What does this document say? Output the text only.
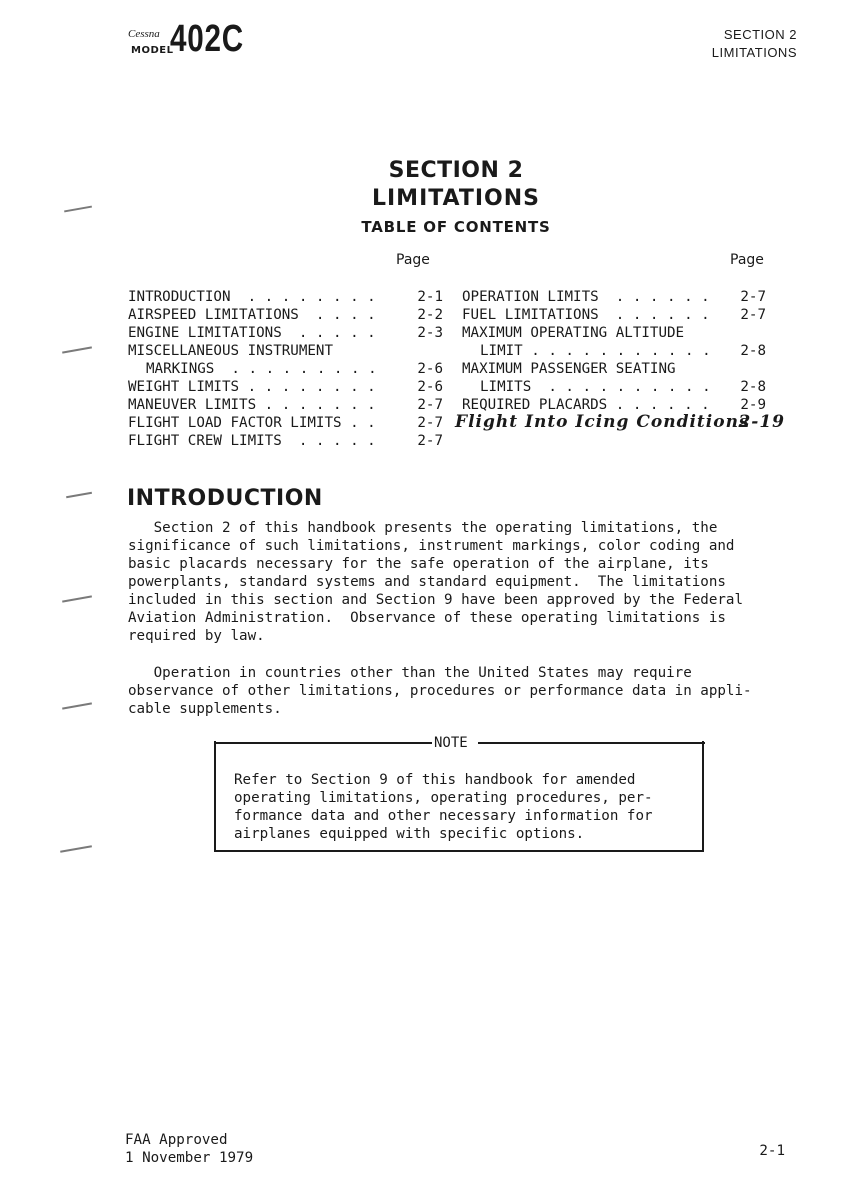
Cessna
MODEL
402C	SECTION 2
LIMITATIONS
SECTION 2
LIMITATIONS
TABLE OF CONTENTS
Page	Page
INTRODUCTION  . . . . . . . .	2-1
AIRSPEED LIMITATIONS  . . . .	2-2
ENGINE LIMITATIONS  . . . . .	2-3
MISCELLANEOUS INSTRUMENT
MARKINGS  . . . . . . . . .	2-6
WEIGHT LIMITS . . . . . . . .	2-6
MANEUVER LIMITS . . . . . . .	2-7
FLIGHT LOAD FACTOR LIMITS . .	2-7
FLIGHT CREW LIMITS  . . . . .	2-7
OPERATION LIMITS  . . . . . . 2-7
FUEL LIMITATIONS  . . . . . . 2-7
MAXIMUM OPERATING ALTITUDE
LIMIT . . . . . . . . . . . 2-8
MAXIMUM PASSENGER SEATING
LIMITS  . . . . . . . . . . 2-8
REQUIRED PLACARDS . . . . . . 2-9
Flight Into Icing Conditions
2-19
INTRODUCTION
Section 2 of this handbook presents the operating limitations, the
significance of such limitations, instrument markings, color coding and
basic placards necessary for the safe operation of the airplane, its
powerplants, standard systems and standard equipment.  The limitations
included in this section and Section 9 have been approved by the Federal
Aviation Administration.  Observance of these operating limitations is
required by law.
Operation in countries other than the United States may require
observance of other limitations, procedures or performance data in appli-
cable supplements.
NOTE
Refer to Section 9 of this handbook for amended
operating limitations, operating procedures, per-
formance data and other necessary information for
airplanes equipped with specific options.
FAA Approved
1 November 1979	2-1
